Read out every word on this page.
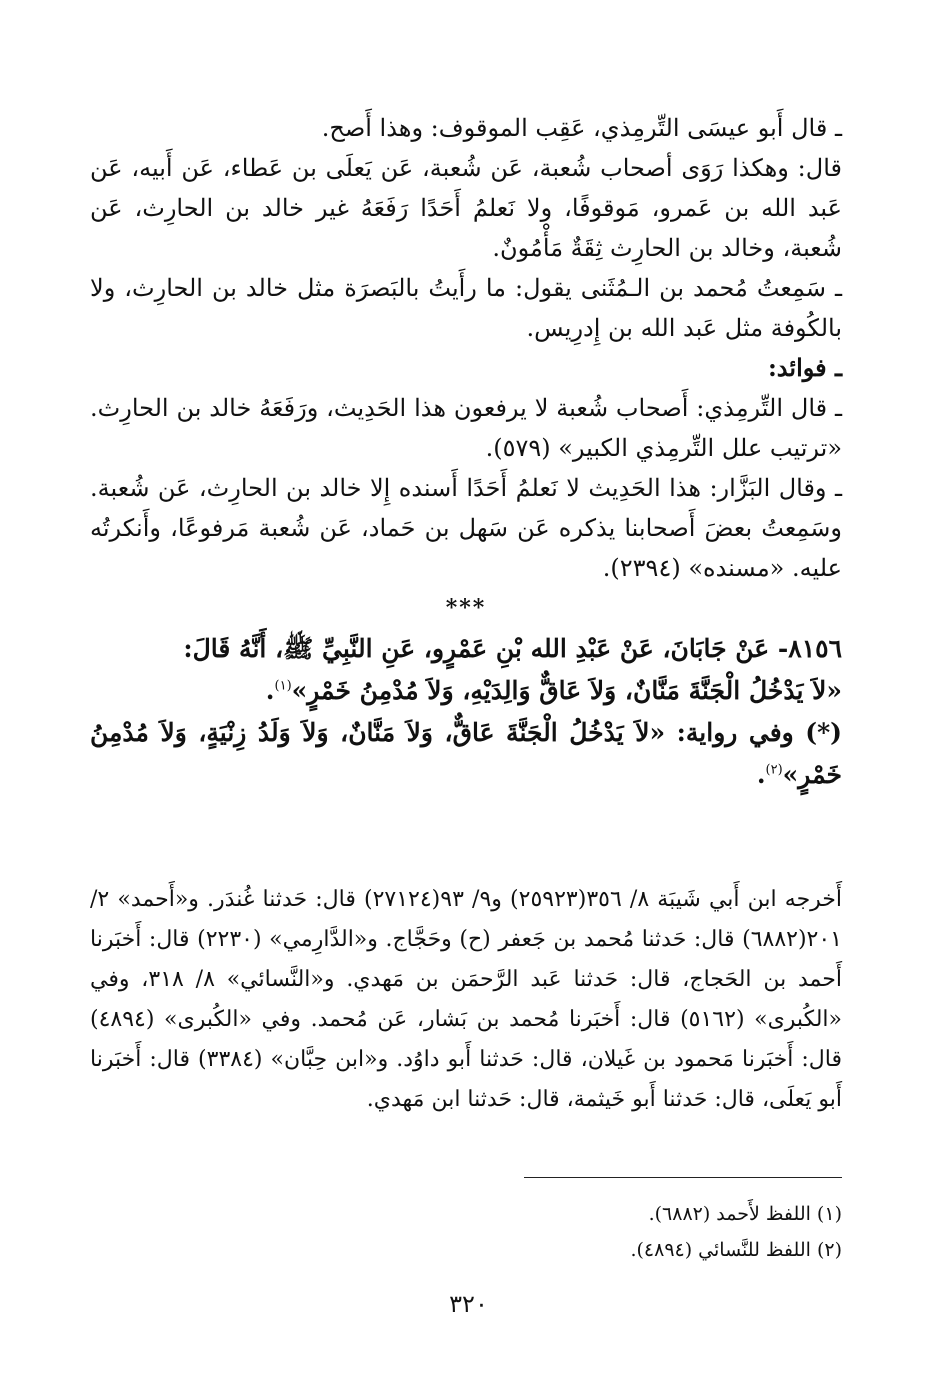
ـ قال أَبو عيسَى التِّرمِذي، عَقِب الموقوف: وهذا أَصح.

قال: وهكذا رَوَى أصحاب شُعبة، عَن شُعبة، عَن يَعلَى بن عَطاء، عَن أَبيه، عَن عَبد الله بن عَمرو، مَوقوفًا، ولا نَعلمُ أَحَدًا رَفَعَهُ غير خالد بن الحارِث، عَن شُعبة، وخالد بن الحارِث ثِقَةٌ مَأْمُونٌ.

ـ سَمِعتُ مُحمد بن الـمُثَنى يقول: ما رأَيتُ بالبَصرَة مثل خالد بن الحارِث، ولا بالكُوفة مثل عَبد الله بن إِدرِيس.

ـ فوائد:

ـ قال التِّرمِذي: أَصحاب شُعبة لا يرفعون هذا الحَدِيث، ورَفَعَهُ خالد بن الحارِث. «ترتيب علل التِّرمِذي الكبير» (٥٧٩).

ـ وقال البَزَّار: هذا الحَدِيث لا نَعلمُ أَحَدًا أَسنده إِلا خالد بن الحارِث، عَن شُعبة. وسَمِعتُ بعضَ أَصحابنا يذكره عَن سَهل بن حَماد، عَن شُعبة مَرفوعًا، وأَنكرتُه عليه. «مسنده» (٢٣٩٤).

***

٨١٥٦- عَنْ جَابَانَ، عَنْ عَبْدِ الله بْنِ عَمْرٍو، عَنِ النَّبِيِّ ﷺ، أَنَّهُ قَالَ:

«لاَ يَدْخُلُ الْجَنَّةَ مَنَّانٌ، وَلاَ عَاقٌّ وَالِدَيْهِ، وَلاَ مُدْمِنُ خَمْرٍ»$^{(١)}$.

(*) وفي رواية: «لاَ يَدْخُلُ الْجَنَّةَ عَاقٌّ، وَلاَ مَنَّانٌ، وَلاَ وَلَدُ زِنْيَةٍ، وَلاَ مُدْمِنُ خَمْرٍ»$^{(٢)}$.

أَخرجه ابن أَبي شَيبَة ٨/ ٣٥٦(٢٥٩٢٣) و٩/ ٩٣(٢٧١٢٤) قال: حَدثنا غُندَر. و«أَحمد» ٢/ ٢٠١(٦٨٨٢) قال: حَدثنا مُحمد بن جَعفر (ح) وحَجَّاج. و«الدَّارِمي» (٢٢٣٠) قال: أَخبَرنا أَحمد بن الحَجاج، قال: حَدثنا عَبد الرَّحمَن بن مَهدي. و«النَّسائي» ٨/ ٣١٨، وفي «الكُبرى» (٥١٦٢) قال: أَخبَرنا مُحمد بن بَشار، عَن مُحمد. وفي «الكُبرى» (٤٨٩٤) قال: أَخبَرنا مَحمود بن غَيلان، قال: حَدثنا أَبو داوُد. و«ابن حِبَّان» (٣٣٨٤) قال: أَخبَرنا أَبو يَعلَى، قال: حَدثنا أَبو خَيثمة، قال: حَدثنا ابن مَهدي.

(١) اللفظ لأَحمد (٦٨٨٢).

(٢) اللفظ للنَّسائي (٤٨٩٤).

٣٢٠
